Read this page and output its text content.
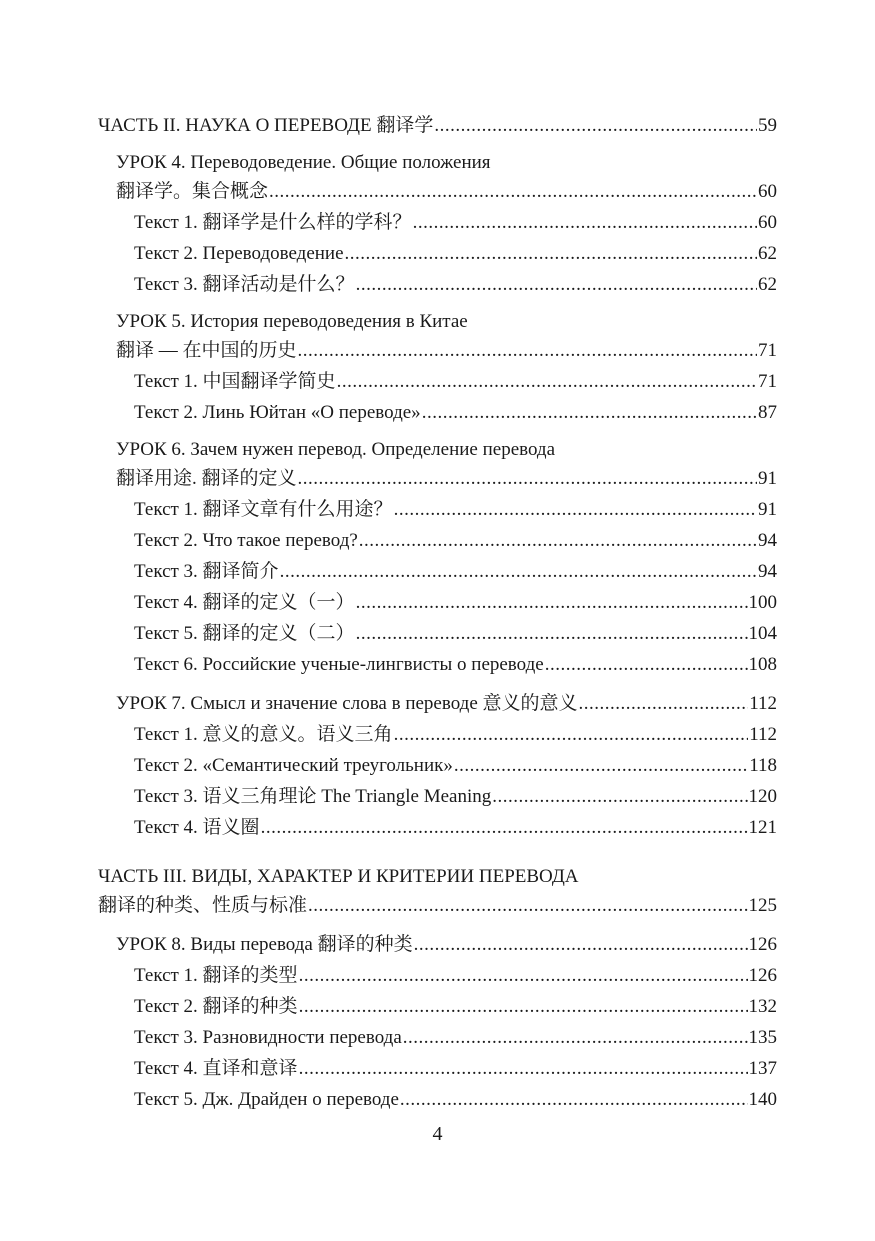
ЧАСТЬ II. НАУКА О ПЕРЕВОДЕ 翻译学 .....	59
УРОК 4. Переводоведение. Общие положения
翻译学。集合概念 .....	60
Текст 1. 翻译学是什么样的学科？ .....	60
Текст 2. Переводоведение .....	62
Текст 3. 翻译活动是什么？ .....	62
УРОК 5. История переводоведения в Китае
翻译 — 在中国的历史 .....	71
Текст 1. 中国翻译学简史 .....	71
Текст 2. Линь Юйтан «О переводе» .....	87
УРОК 6. Зачем нужен перевод. Определение перевода
翻译用途. 翻译的定义 .....	91
Текст 1. 翻译文章有什么用途？ .....	91
Текст 2. Что такое перевод? .....	94
Текст 3. 翻译简介 .....	94
Текст 4. 翻译的定义（一） .....	100
Текст 5. 翻译的定义（二） .....	104
Текст 6. Российские ученые-лингвисты о переводе .....	108
УРОК 7. Смысл и значение слова в переводе 意义的意义 .....	112
Текст 1. 意义的意义。语义三角 .....	112
Текст 2. «Семантический треугольник» .....	118
Текст 3. 语义三角理论 The Triangle Meaning .....	120
Текст 4. 语义圈 .....	121
ЧАСТЬ III. ВИДЫ, ХАРАКТЕР И КРИТЕРИИ ПЕРЕВОДА
翻译的种类、性质与标准 .....	125
УРОК 8. Виды перевода 翻译的种类 .....	126
Текст 1. 翻译的类型 .....	126
Текст 2. 翻译的种类 .....	132
Текст 3. Разновидности перевода .....	135
Текст 4. 直译和意译 .....	137
Текст 5. Дж. Драйден о переводе .....	140
4
